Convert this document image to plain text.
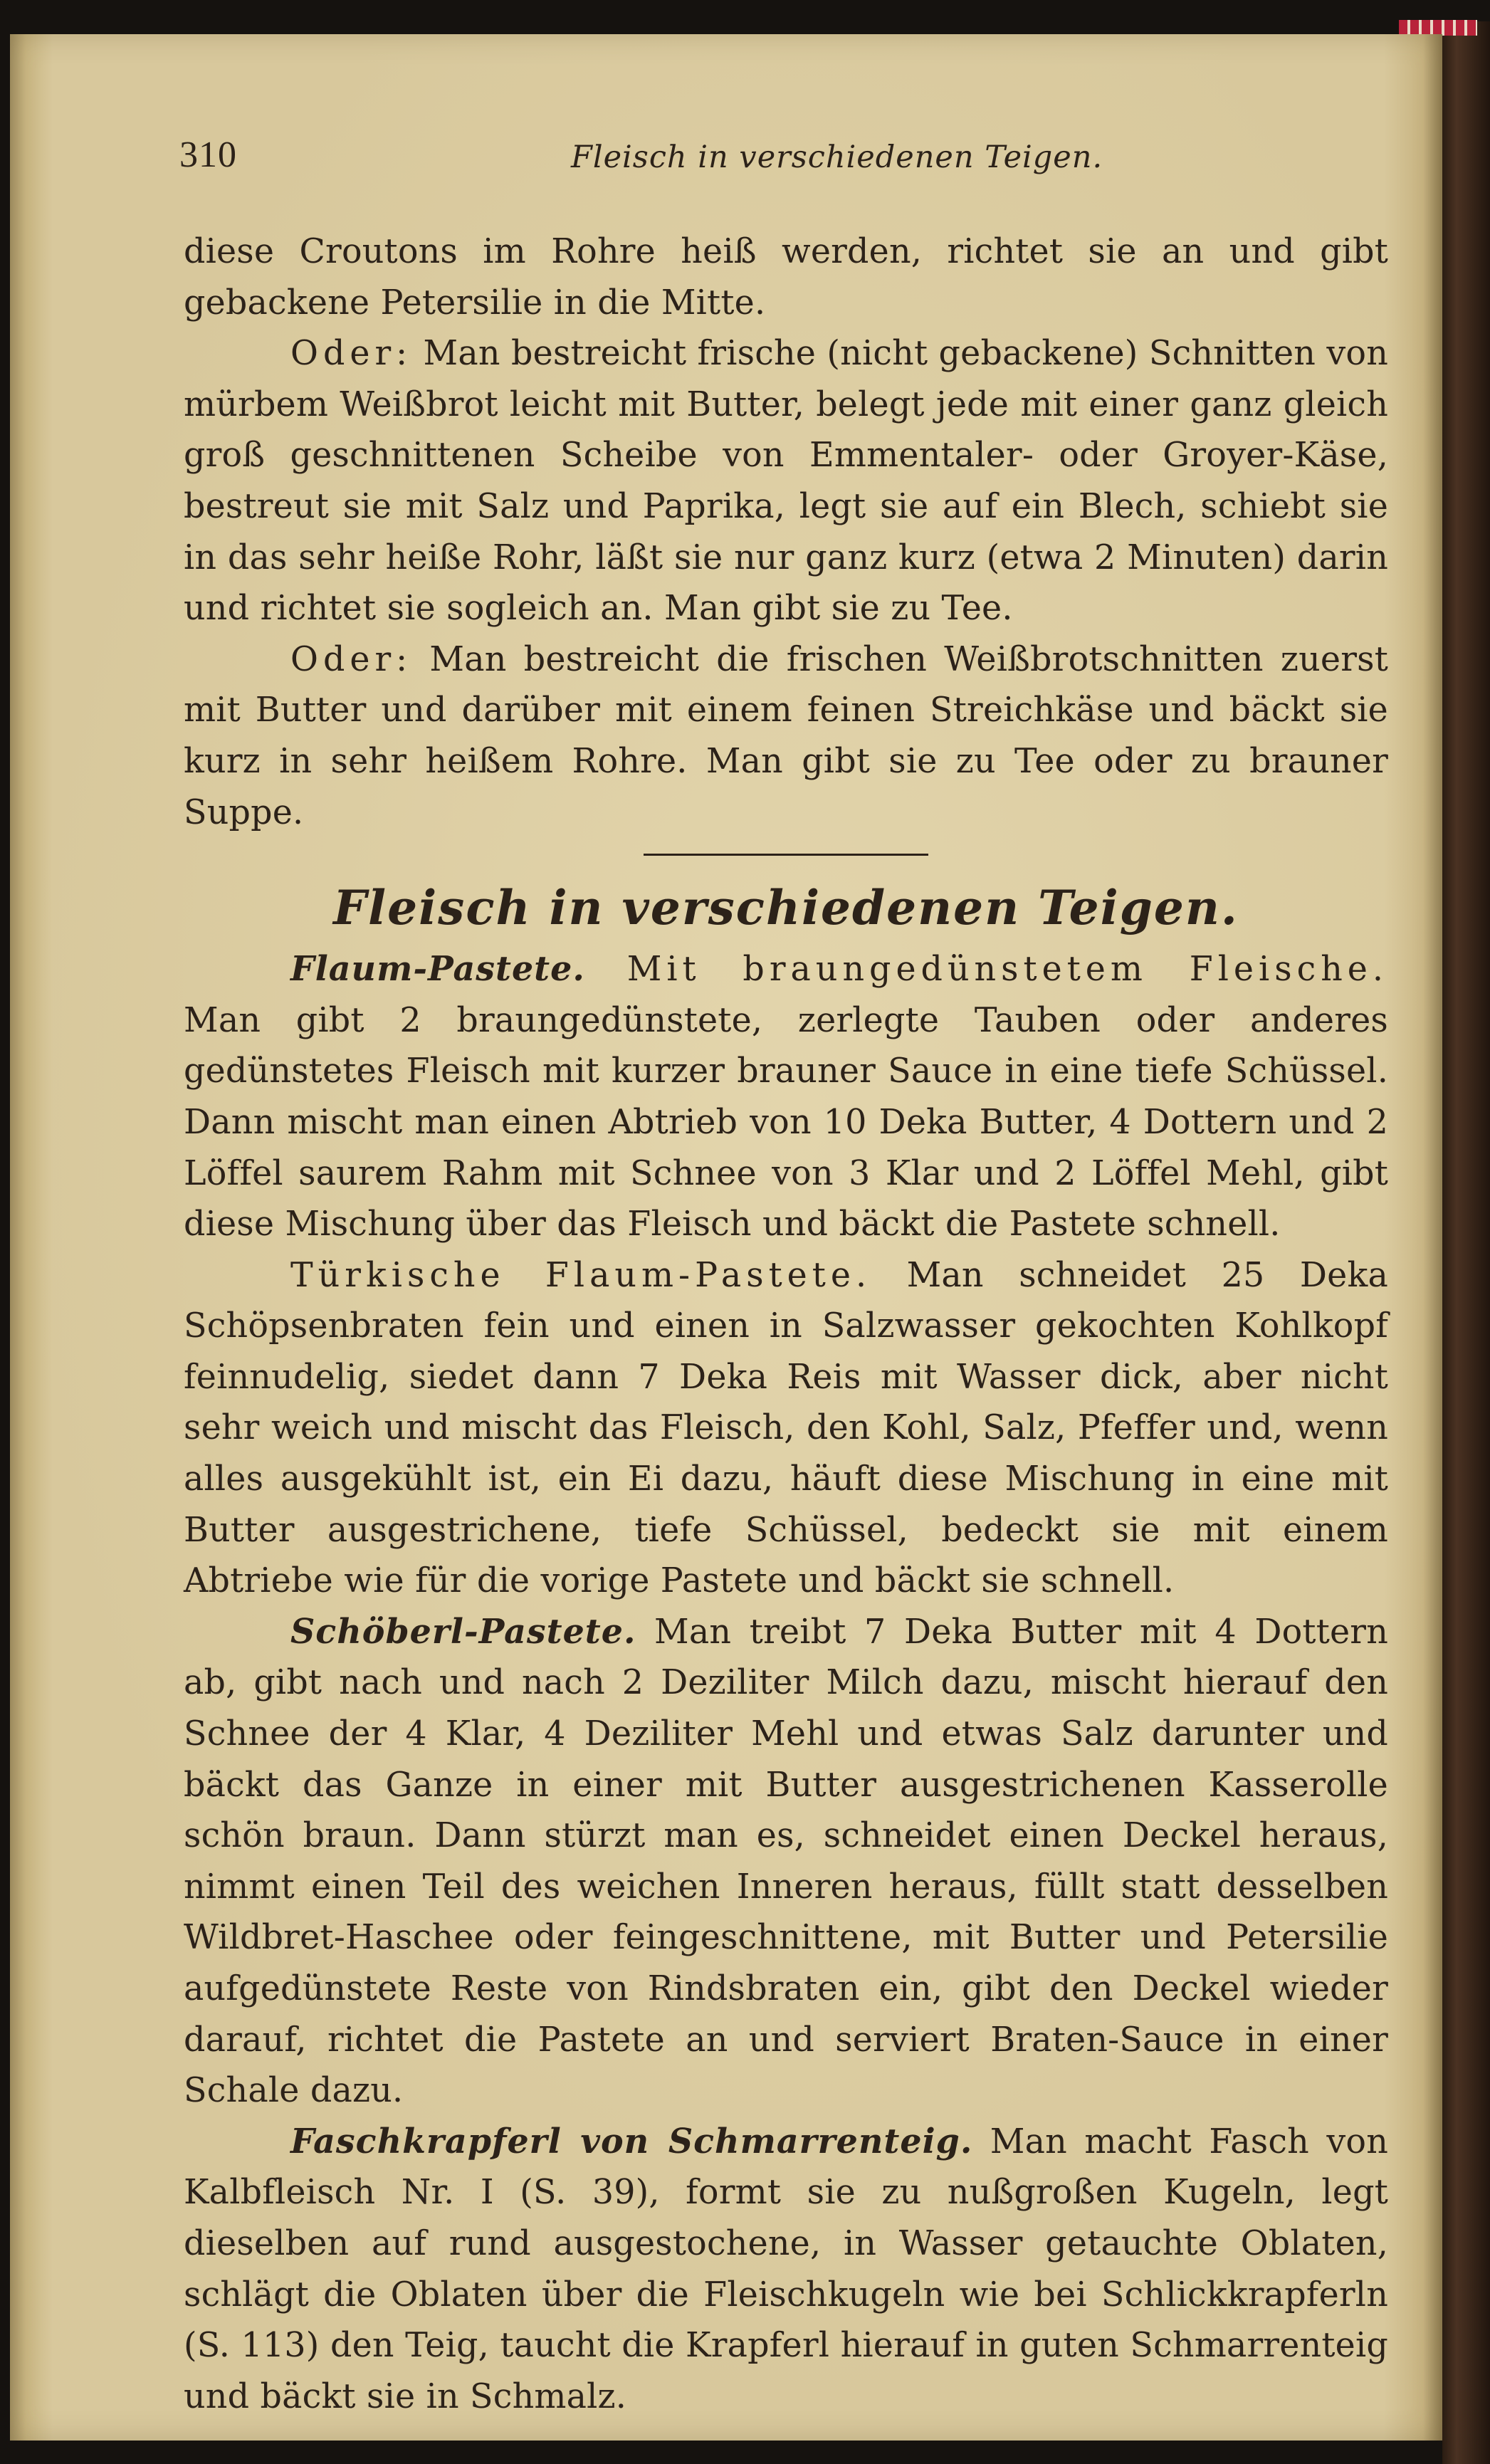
310	Fleisch in verschiedenen Teigen.

diese Croutons im Rohre heiß werden, richtet sie an und gibt gebackene Petersilie in die Mitte.

Oder: Man bestreicht frische (nicht gebackene) Schnitten von mürbem Weißbrot leicht mit Butter, belegt jede mit einer ganz gleich groß geschnittenen Scheibe von Emmentaler- oder Groyer-Käse, bestreut sie mit Salz und Paprika, legt sie auf ein Blech, schiebt sie in das sehr heiße Rohr, läßt sie nur ganz kurz (etwa 2 Minuten) darin und richtet sie sogleich an. Man gibt sie zu Tee.

Oder: Man bestreicht die frischen Weißbrotschnitten zuerst mit Butter und darüber mit einem feinen Streichkäse und bäckt sie kurz in sehr heißem Rohre. Man gibt sie zu Tee oder zu brauner Suppe.

Fleisch in verschiedenen Teigen.

Flaum-Pastete. Mit braungedünstetem Fleische. Man gibt 2 braungedünstete, zerlegte Tauben oder anderes gedünstetes Fleisch mit kurzer brauner Sauce in eine tiefe Schüssel. Dann mischt man einen Abtrieb von 10 Deka Butter, 4 Dottern und 2 Löffel saurem Rahm mit Schnee von 3 Klar und 2 Löffel Mehl, gibt diese Mischung über das Fleisch und bäckt die Pastete schnell.

Türkische Flaum-Pastete. Man schneidet 25 Deka Schöpsenbraten fein und einen in Salzwasser gekochten Kohlkopf feinnudelig, siedet dann 7 Deka Reis mit Wasser dick, aber nicht sehr weich und mischt das Fleisch, den Kohl, Salz, Pfeffer und, wenn alles ausgekühlt ist, ein Ei dazu, häuft diese Mischung in eine mit Butter ausgestrichene, tiefe Schüssel, bedeckt sie mit einem Abtriebe wie für die vorige Pastete und bäckt sie schnell.

Schöberl-Pastete. Man treibt 7 Deka Butter mit 4 Dottern ab, gibt nach und nach 2 Deziliter Milch dazu, mischt hierauf den Schnee der 4 Klar, 4 Deziliter Mehl und etwas Salz darunter und bäckt das Ganze in einer mit Butter ausgestrichenen Kasserolle schön braun. Dann stürzt man es, schneidet einen Deckel heraus, nimmt einen Teil des weichen Inneren heraus, füllt statt desselben Wildbret-Haschee oder feingeschnittene, mit Butter und Petersilie aufgedünstete Reste von Rindsbraten ein, gibt den Deckel wieder darauf, richtet die Pastete an und serviert Braten-Sauce in einer Schale dazu.

Faschkrapferl von Schmarrenteig. Man macht Fasch von Kalbfleisch Nr. I (S. 39), formt sie zu nußgroßen Kugeln, legt dieselben auf rund ausgestochene, in Wasser getauchte Oblaten, schlägt die Oblaten über die Fleischkugeln wie bei Schlickkrapferln (S. 113) den Teig, taucht die Krapferl hierauf in guten Schmarrenteig und bäckt sie in Schmalz.
